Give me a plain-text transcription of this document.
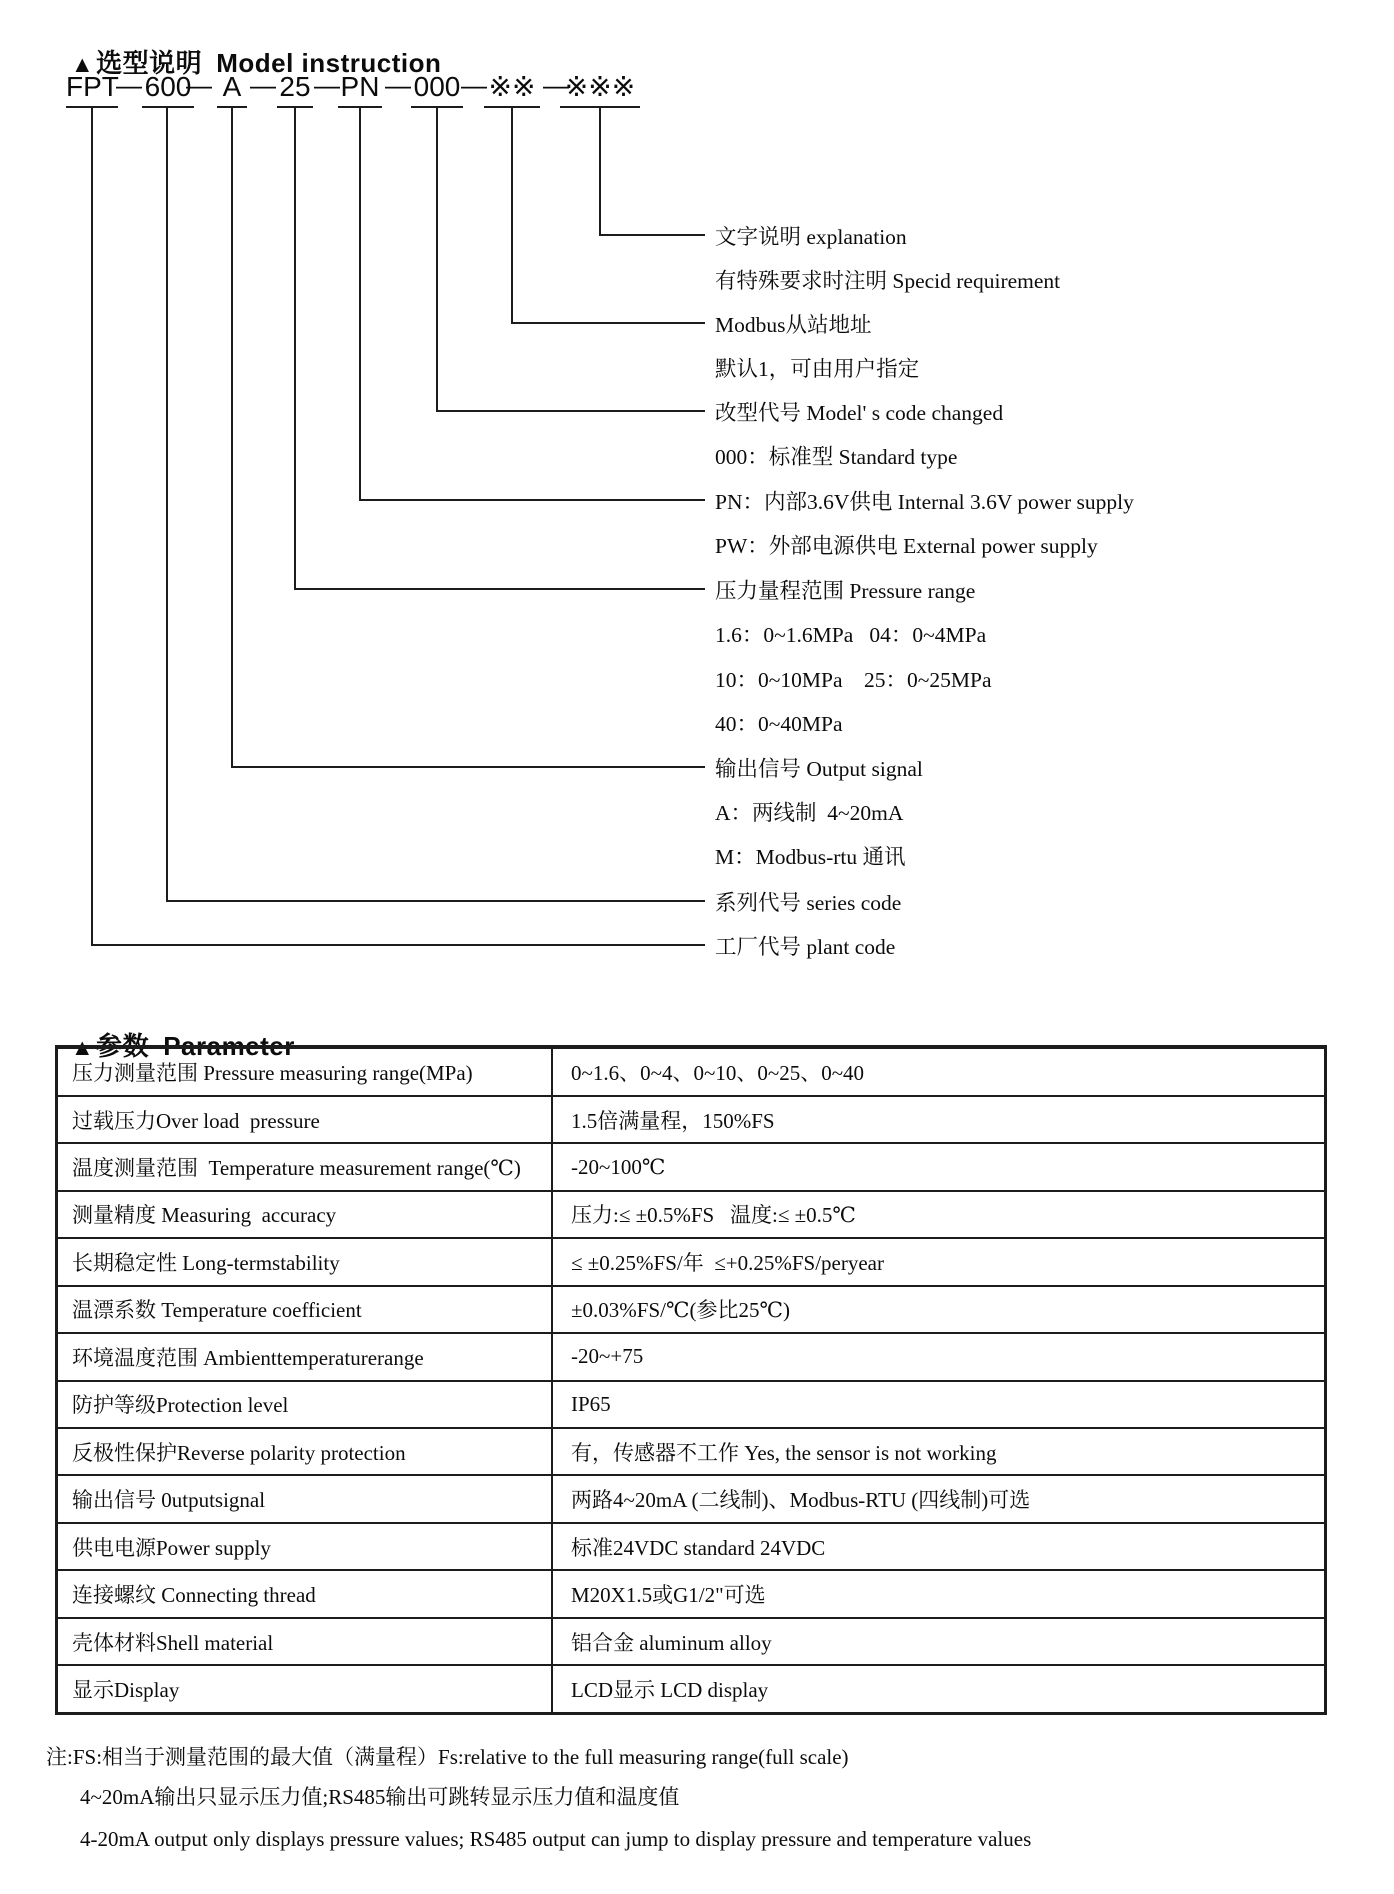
▲选型说明 Model instruction

FPT 600 A 25 PN 000 ※※ ※※※
— — — — — — —
文字说明 explanation
有特殊要求时注明 Specid requirement
Modbus从站地址
默认1，可由用户指定
改型代号 Model' s code changed
000：标准型 Standard type
PN：内部3.6V供电 Internal 3.6V power supply
PW：外部电源供电 External power supply
压力量程范围 Pressure range
1.6：0~1.6MPa   04：0~4MPa
10：0~10MPa    25：0~25MPa
40：0~40MPa
输出信号 Output signal
A：两线制  4~20mA
M：Modbus-rtu 通讯
系列代号 series code
工厂代号 plant code

▲参数 Parameter

压力测量范围 Pressure measuring range(MPa)	0~1.6、0~4、0~10、0~25、0~40
过载压力Over load  pressure	1.5倍满量程，150%FS
温度测量范围  Temperature measurement range(℃)	-20~100℃
测量精度 Measuring  accuracy	压力:≤ ±0.5%FS   温度:≤ ±0.5℃
长期稳定性 Long-termstability	≤ ±0.25%FS/年  ≤+0.25%FS/peryear
温漂系数 Temperature coefficient	±0.03%FS/℃(参比25℃)
环境温度范围 Ambienttemperaturerange	-20~+75
防护等级Protection level	IP65
反极性保护Reverse polarity protection	有，传感器不工作 Yes, the sensor is not working
输出信号 0utputsignal	两路4~20mA (二线制)、Modbus-RTU (四线制)可选
供电电源Power supply	标准24VDC standard 24VDC
连接螺纹 Connecting thread	M20X1.5或G1/2"可选
壳体材料Shell material	铝合金 aluminum alloy
显示Display	LCD显示 LCD display
注:FS:相当于测量范围的最大值（满量程）Fs:relative to the full measuring range(full scale)
4~20mA输出只显示压力值;RS485输出可跳转显示压力值和温度值
4-20mA output only displays pressure values; RS485 output can jump to display pressure and temperature values
